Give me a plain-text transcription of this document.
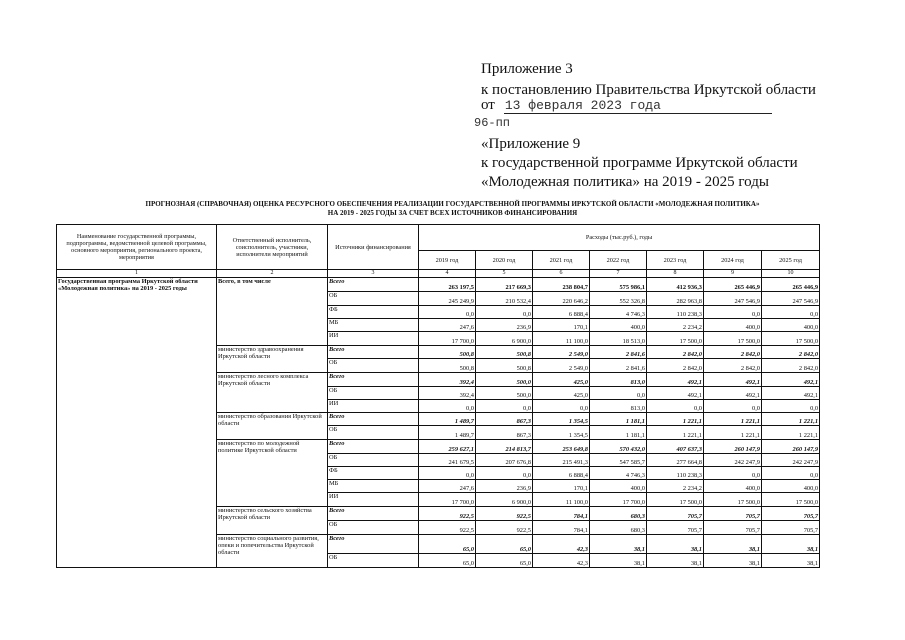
Приложение 3
к постановлению Правительства Иркутской области
от 13 февраля 2023 года
96-пп
«Приложение 9
к государственной программе Иркутской области
«Молодежная политика» на 2019 - 2025 годы
ПРОГНОЗНАЯ (СПРАВОЧНАЯ) ОЦЕНКА РЕСУРСНОГО ОБЕСПЕЧЕНИЯ РЕАЛИЗАЦИИ ГОСУДАРСТВЕННОЙ ПРОГРАММЫ ИРКУТСКОЙ ОБЛАСТИ «МОЛОДЕЖНАЯ ПОЛИТИКА»
НА 2019 - 2025 ГОДЫ ЗА СЧЕТ ВСЕХ ИСТОЧНИКОВ ФИНАНСИРОВАНИЯ
Наименование государственной программы, подпрограммы, ведомственной целевой программы, основного мероприятия, регионального проекта, мероприятия	Ответственный исполнитель, соисполнитель, участники, исполнители мероприятий	Источники финансирования	Расходы (тыс.руб.), годы						
			2019 год	2020 год	2021 год	2022 год	2023 год	2024 год	2025 год
1	2	3	4	5	6	7	8	9	10
Государственная программа Иркутской области «Молодежная политика» на 2019 - 2025 годы	Всего, в том числе	Всего	263 197,5	217 669,3	238 804,7	575 986,1	412 936,3	265 446,9	265 446,9
		ОБ	245 249,9	210 532,4	220 646,2	552 326,8	282 963,8	247 546,9	247 546,9
		ФБ	0,0	0,0	6 888,4	4 746,3	110 238,3	0,0	0,0
		МБ	247,6	236,9	170,1	400,0	2 234,2	400,0	400,0
		ИИ	17 700,0	6 900,0	11 100,0	18 513,0	17 500,0	17 500,0	17 500,0
	министерство здравоохранения Иркутской области	Всего	500,8	500,8	2 549,0	2 841,6	2 842,0	2 842,0	2 842,0
		ОБ	500,8	500,8	2 549,0	2 841,6	2 842,0	2 842,0	2 842,0
	министерство лесного комплекса Иркутской области	Всего	392,4	500,0	425,0	813,0	492,1	492,1	492,1
		ОБ	392,4	500,0	425,0	0,0	492,1	492,1	492,1
		ИИ	0,0	0,0	0,0	813,0	0,0	0,0	0,0
	министерство образования Иркутской области	Всего	1 489,7	867,3	1 354,5	1 181,1	1 221,1	1 221,1	1 221,1
		ОБ	1 489,7	867,3	1 354,5	1 181,1	1 221,1	1 221,1	1 221,1
	министерство по молодежной политике Иркутской области	Всего	259 627,1	214 813,7	253 649,8	570 432,0	407 637,3	260 147,9	260 147,9
		ОБ	241 679,5	207 676,8	215 491,3	547 585,7	277 664,8	242 247,9	242 247,9
		ФБ	0,0	0,0	6 888,4	4 746,3	110 238,3	0,0	0,0
		МБ	247,6	236,9	170,1	400,0	2 234,2	400,0	400,0
		ИИ	17 700,0	6 900,0	11 100,0	17 700,0	17 500,0	17 500,0	17 500,0
	министерство сельского хозяйства Иркутской области	Всего	922,5	922,5	784,1	680,3	705,7	705,7	705,7
		ОБ	922,5	922,5	784,1	680,3	705,7	705,7	705,7
	министерство социального развития, опеки и попечительства Иркутской области	Всего	65,0	65,0	42,3	38,1	38,1	38,1	38,1
		ОБ	65,0	65,0	42,3	38,1	38,1	38,1	38,1
